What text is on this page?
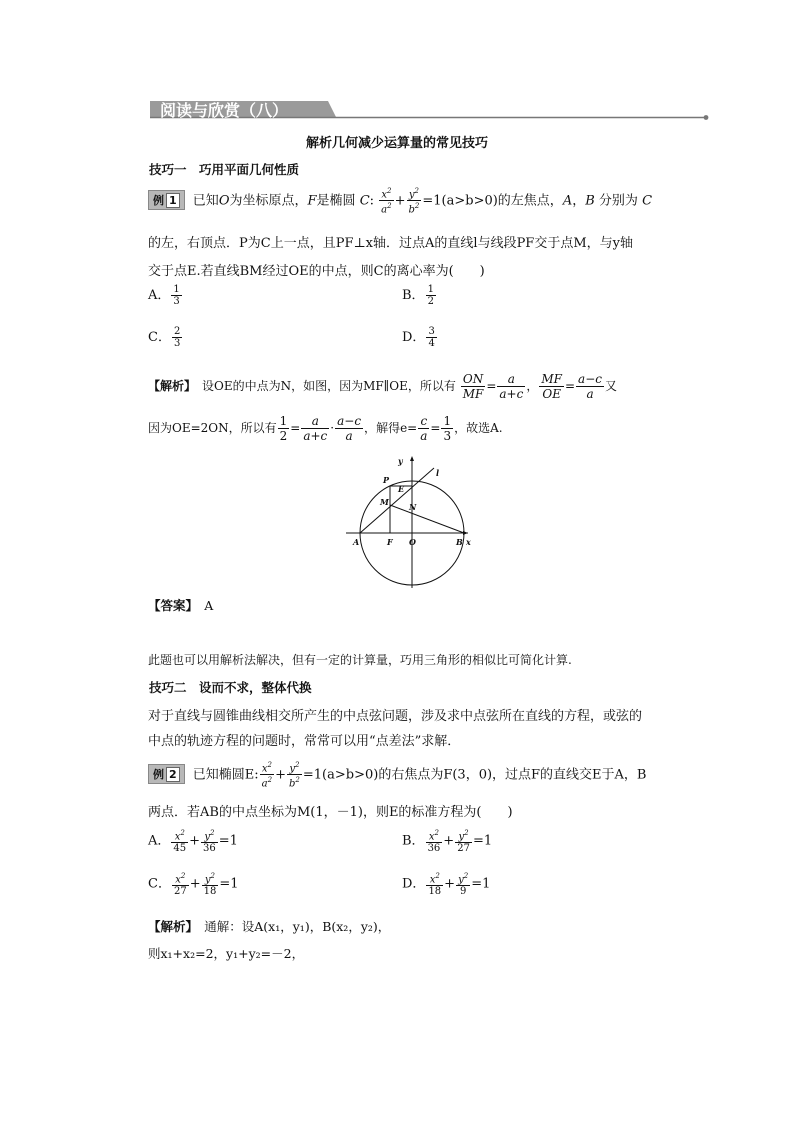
阅读与欣赏（八）
解析几何减少运算量的常见技巧
技巧一　巧用平面几何性质
例 1 已知O为坐标原点，F是椭圆 C: $\frac{x^2}{a^2} + \frac{y^2}{b^2} =1(a>b>0)$的左焦点，A，B 分别为 C
的左，右顶点．P为C上一点，且PF⊥x轴．过点A的直线l与线段PF交于点M，与y轴
交于点E.若直线BM经过OE的中点，则C的离心率为(　　)
A． $\frac{1}{3}$	B． $\frac{1}{2}$
C． $\frac{2}{3}$	D． $\frac{3}{4}$
【解析】　 设OE的中点为N，如图，因为MF∥OE，所以有 $\frac{ON}{MF} = \frac{a}{a+c}$ ， $\frac{MF}{OE} = \frac{a-c}{a}$ 又
因为OE=2ON，所以有 $\frac{1}{2} = \frac{a}{a+c} \cdot \frac{a-c}{a}$ ，解得$e= \frac{c}{a} = \frac{1}{3}$ ，故选A.
y
l
P
E
M	N
A	F O	B x
【答案】　 A
此题也可以用解析法解决，但有一定的计算量，巧用三角形的相似比可简化计算.
技巧二　设而不求，整体代换
对于直线与圆锥曲线相交所产生的中点弦问题，涉及求中点弦所在直线的方程，或弦的
中点的轨迹方程的问题时，常常可以用“点差法”求解．
例 2 已知椭圆E: $\frac{x^2}{a^2} + \frac{y^2}{b^2} =1(a>b>0)$的右焦点为F(3，0)，过点F的直线交E于A，B
两点．若AB的中点坐标为M(1，－1)，则E的标准方程为(　　)
A． $\frac{x^2}{45} + \frac{y^2}{36} =1$	B． $\frac{x^2}{36} + \frac{y^2}{27} =1$
C． $\frac{x^2}{27} + \frac{y^2}{18} =1$	D． $\frac{x^2}{18} + \frac{y^2}{9} =1$
【解析】　 通解：设A(x₁，y₁)，B(x₂，y₂)，
则x₁+x₂=2，y₁+y₂=－2，
